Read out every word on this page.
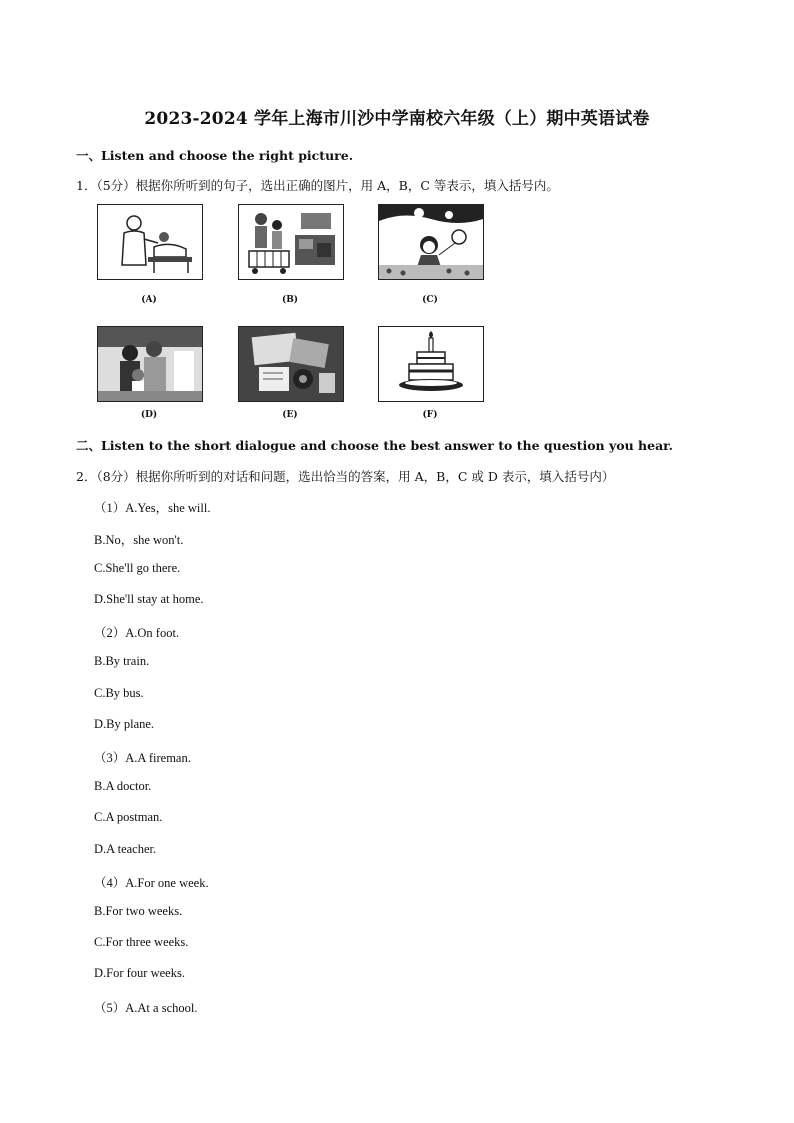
2023-2024 学年上海市川沙中学南校六年级（上）期中英语试卷
一、Listen and choose the right picture.
1．（5分）根据你所听到的句子，选出正确的图片，用 A，B，C 等表示，填入括号内。
(A)	(B)	(C)
(D)	(E)	(F)
二、Listen to the short dialogue and choose the best answer to the question you hear.
2．（8分）根据你所听到的对话和问题，选出恰当的答案，用 A，B，C 或 D 表示，填入括号内）
（1）A.Yes，she will.
B.No，she won't.
C.She'll go there.
D.She'll stay at home.
（2）A.On foot.
B.By train.
C.By bus.
D.By plane.
（3）A.A fireman.
B.A doctor.
C.A postman.
D.A teacher.
（4）A.For one week.
B.For two weeks.
C.For three weeks.
D.For four weeks.
（5）A.At a school.
